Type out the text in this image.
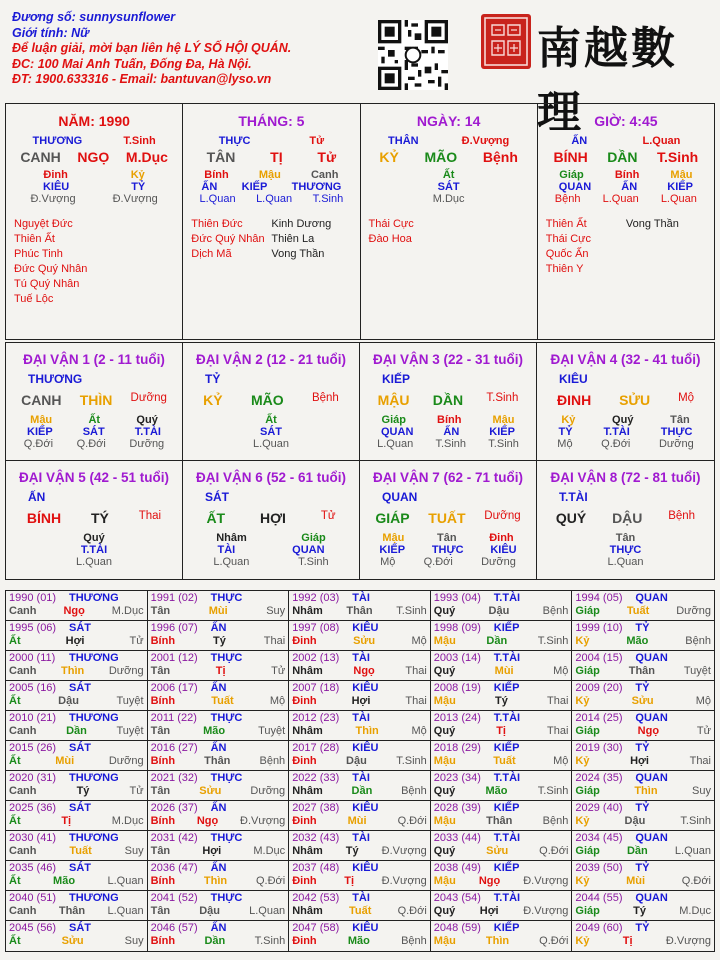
Đương số: sunnysunflower
Giới tính: Nữ
Để luận giải, mời bạn liên hệ LÝ SỐ HỘI QUÁN.
ĐC: 100 Mai Anh Tuấn, Đống Đa, Hà Nội.
ĐT: 1900.633316 - Email: bantuvan@lyso.vn
南越數理
NĂM: 1990
THƯƠNG	T.Sinh
CANH NGỌ M.Dục
Đinh	Kỷ
KIÊU	TỶ
Đ.Vượng	Đ.Vượng
Nguyệt Đức
Thiên Ất
Phúc Tinh
Đức Quý Nhân
Tú Quý Nhân
Tuế Lộc
THÁNG: 5
THỰC	Tử
TÂN TỊ Tử
Bính	Mậu	Canh
ẤN KIẾP THƯƠNG
L.Quan L.Quan T.Sinh
Thiên Đức
Đức Quý Nhân
Dịch Mã
Kinh Dương
Thiên La
Vong Thần
NGÀY: 14
THÂN	Đ.Vượng
KỶ MÃO Bệnh
Ất
SÁT
M.Dục
Thái Cực
Đào Hoa
GIỜ: 4:45
ẤN	L.Quan
BÍNH DẦN T.Sinh
Giáp	Bính	Mậu
QUAN	ẤN	KIẾP
Bệnh L.Quan L.Quan
Thiên Ất
Thái Cực
Quốc Ấn
Thiên Y
Vong Thần
ĐẠI VẬN 1 (2 - 11 tuổi)
THƯƠNG
CANH THÌN Dưỡng
Mậu	Ất	Quý
KIẾP	SÁT	T.TÀI
Q.Đới Q.Đới Dưỡng
ĐẠI VẬN 2 (12 - 21 tuổi)
TỶ
KỶ MÃO Bệnh
Ất
SÁT
L.Quan
ĐẠI VẬN 3 (22 - 31 tuổi)
KIẾP
MẬU DẦN T.Sinh
Giáp	Bính	Mậu
QUAN	ẤN	KIẾP
L.Quan T.Sinh T.Sinh
ĐẠI VẬN 4 (32 - 41 tuổi)
KIÊU
ĐINH SỬU Mộ
Kỷ	Quý	Tân
TỶ	T.TÀI	THỰC
Mộ	Q.Đới	Dưỡng
ĐẠI VẬN 5 (42 - 51 tuổi)
ẤN
BÍNH TÝ	Thai
Quý
T.TÀI
L.Quan
ĐẠI VẬN 6 (52 - 61 tuổi)
SÁT
ẤT HỢI	Tử
Nhâm	Giáp
TÀI	QUAN
L.Quan	T.Sinh
ĐẠI VẬN 7 (62 - 71 tuổi)
QUAN
GIÁP TUẤT Dưỡng
Mậu	Tân	Đinh
KIẾP THỰC KIÊU
Mộ	Q.Đới	Dưỡng
ĐẠI VẬN 8 (72 - 81 tuổi)
T.TÀI
QUÝ DẬU Bệnh
Tân
THỰC
L.Quan
1990 (01)	THƯƠNG
Canh Ngọ M.Dục
1991 (02)	THỰC
Tân	Mùi	Suy
1992 (03)	TÀI
Nhâm Thân T.Sinh
1993 (04)	T.TÀI
Quý	Dậu	Bệnh
1994 (05)	QUAN
Giáp Tuất Dưỡng
1995 (06)	SÁT
Ất	Hợi	Tử
1996 (07)	ẤN
Bính	Tý	Thai
1997 (08)	KIÊU
Đinh	Sửu	Mộ
1998 (09)	KIẾP
Mậu	Dần	T.Sinh
1999 (10)	TỶ
Kỷ	Mão	Bệnh
2000 (11)	THƯƠNG
Canh Thìn Dưỡng
2001 (12)	THỰC
Tân	Tị	Tử
2002 (13)	TÀI
Nhâm	Ngọ	Thai
2003 (14)	T.TÀI
Quý	Mùi	Mộ
2004 (15)	QUAN
Giáp	Thân	Tuyệt
2005 (16)	SÁT
Ất	Dậu	Tuyệt
2006 (17)	ẤN
Bính	Tuất	Mộ
2007 (18)	KIÊU
Đinh	Hợi	Thai
2008 (19)	KIẾP
Mậu	Tý	Thai
2009 (20)	TỶ
Kỷ	Sửu	Mộ
2010 (21)	THƯƠNG
Canh	Dần	Tuyệt
2011 (22)	THỰC
Tân	Mão	Tuyệt
2012 (23)	TÀI
Nhâm	Thìn	Mộ
2013 (24)	T.TÀI
Quý	Tị	Thai
2014 (25)	QUAN
Giáp	Ngọ	Tử
2015 (26)	SÁT
Ất	Mùi	Dưỡng
2016 (27)	ẤN
Bính	Thân	Bệnh
2017 (28)	KIÊU
Đinh	Dậu	T.Sinh
2018 (29)	KIẾP
Mậu	Tuất	Mộ
2019 (30)	TỶ
Kỷ	Hợi	Thai
2020 (31)	THƯƠNG
Canh	Tý	Tử
2021 (32)	THỰC
Tân	Sửu	Dưỡng
2022 (33)	TÀI
Nhâm	Dần	Bệnh
2023 (34)	T.TÀI
Quý	Mão	T.Sinh
2024 (35)	QUAN
Giáp	Thìn	Suy
2025 (36)	SÁT
Ất	Tị	M.Dục
2026 (37)	ẤN
Bính Ngọ Đ.Vượng
2027 (38)	KIÊU
Đinh	Mùi	Q.Đới
2028 (39)	KIẾP
Mậu	Thân	Bệnh
2029 (40)	TỶ
Kỷ	Dậu	T.Sinh
2030 (41)	THƯƠNG
Canh	Tuất	Suy
2031 (42)	THỰC
Tân	Hợi	M.Dục
2032 (43)	TÀI
Nhâm Tý Đ.Vượng
2033 (44)	T.TÀI
Quý	Sửu	Q.Đới
2034 (45)	QUAN
Giáp Dần L.Quan
2035 (46)	SÁT
Ất	Mão	L.Quan
2036 (47)	ẤN
Bính	Thìn	Q.Đới
2037 (48)	KIÊU
Đinh	Tị	Đ.Vượng
2038 (49)	KIẾP
Mậu Ngọ Đ.Vượng
2039 (50)	TỶ
Kỷ	Mùi	Q.Đới
2040 (51)	THƯƠNG
Canh Thân L.Quan
2041 (52)	THỰC
Tân	Dậu	L.Quan
2042 (53)	TÀI
Nhâm Tuất Q.Đới
2043 (54)	T.TÀI
Quý Hợi Đ.Vượng
2044 (55)	QUAN
Giáp	Tý	M.Dục
2045 (56)	SÁT
Ất	Sửu	Suy
2046 (57)	ẤN
Bính	Dần	T.Sinh
2047 (58)	KIÊU
Đinh	Mão	Bệnh
2048 (59)	KIẾP
Mậu	Thìn	Q.Đới
2049 (60)	TỶ
Kỷ	Tị	Đ.Vượng
